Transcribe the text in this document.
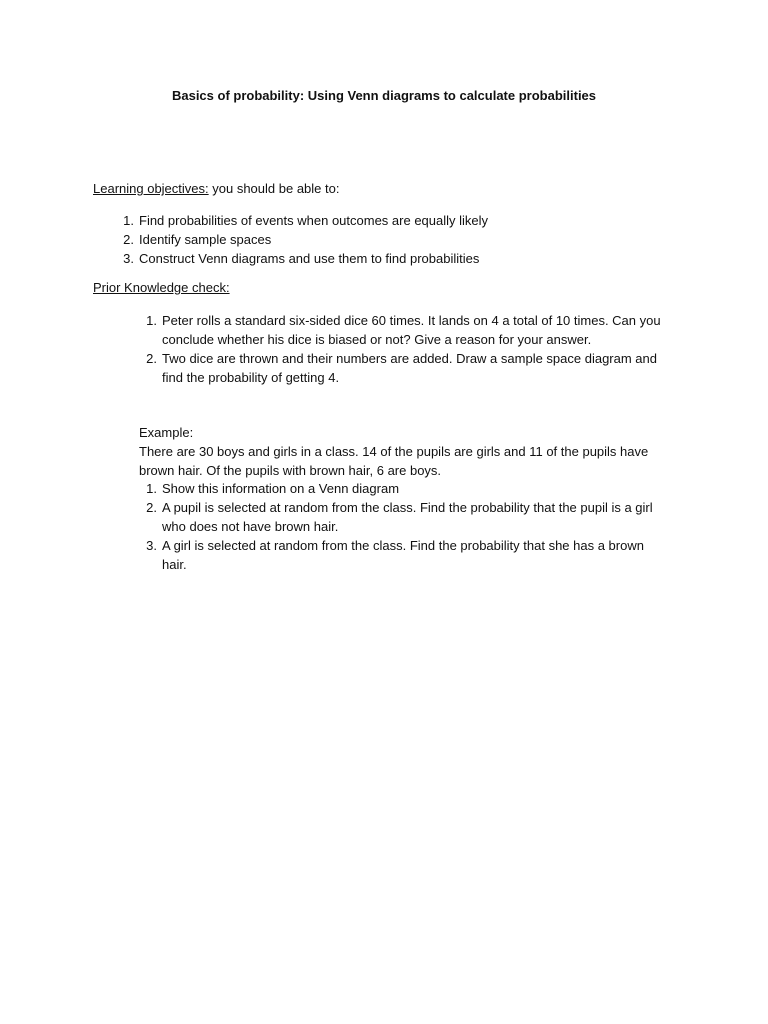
Basics of probability: Using Venn diagrams to calculate probabilities
Learning objectives: you should be able to:
1. Find probabilities of events when outcomes are equally likely
2. Identify sample spaces
3. Construct Venn diagrams and use them to find probabilities
Prior Knowledge check:
1. Peter rolls a standard six-sided dice 60 times. It lands on 4 a total of 10 times. Can you conclude whether his dice is biased or not? Give a reason for your answer.
2. Two dice are thrown and their numbers are added. Draw a sample space diagram and find the probability of getting 4.
Example:
There are 30 boys and girls in a class. 14 of the pupils are girls and 11 of the pupils have brown hair. Of the pupils with brown hair, 6 are boys.
1. Show this information on a Venn diagram
2. A pupil is selected at random from the class. Find the probability that the pupil is a girl who does not have brown hair.
3. A girl is selected at random from the class. Find the probability that she has a brown hair.
